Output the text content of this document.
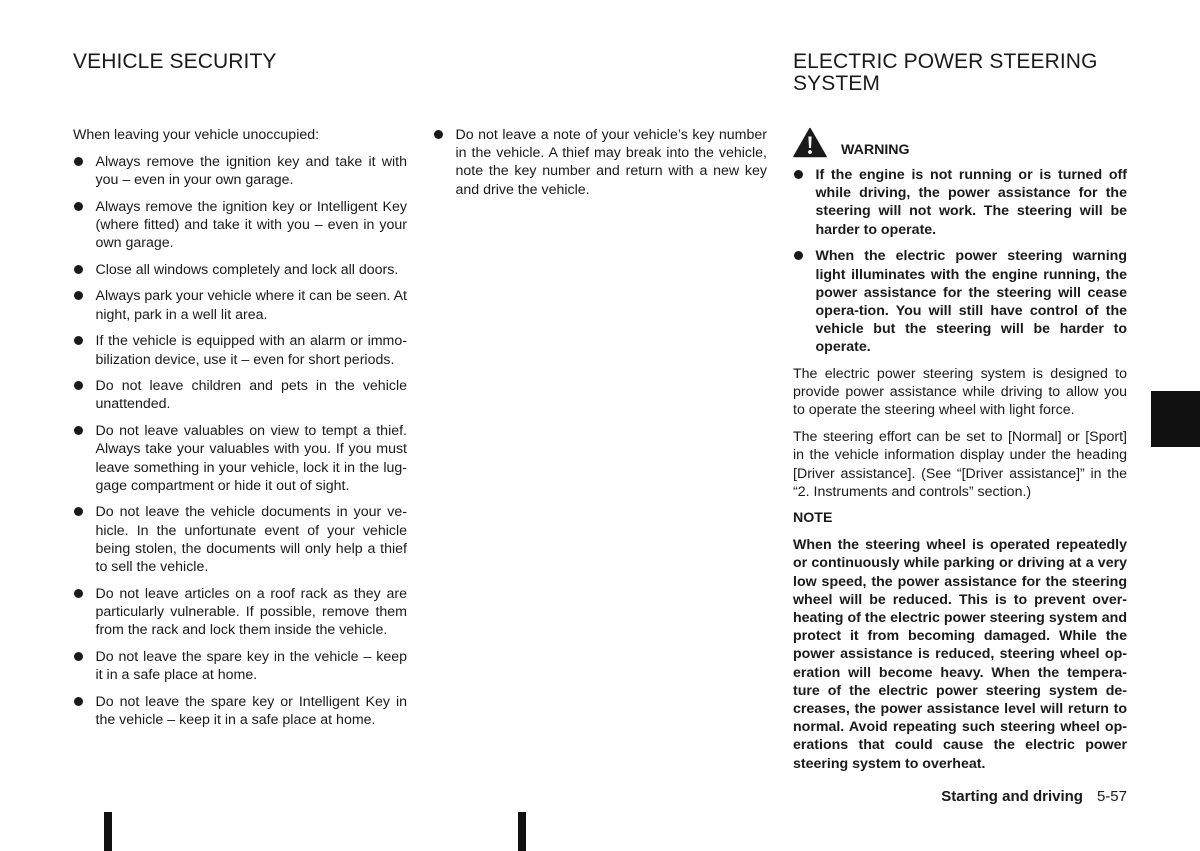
VEHICLE SECURITY	ELECTRIC POWER STEERING SYSTEM

When leaving your vehicle unoccupied:

Always remove the ignition key and take it with you – even in your own garage.
Always remove the ignition key or Intelligent Key (where fitted) and take it with you – even in your own garage.
Close all windows completely and lock all doors.
Always park your vehicle where it can be seen. At night, park in a well lit area.
If the vehicle is equipped with an alarm or immo-bilization device, use it – even for short periods.
Do not leave children and pets in the vehicle unattended.
Do not leave valuables on view to tempt a thief. Always take your valuables with you. If you must leave something in your vehicle, lock it in the lug-gage compartment or hide it out of sight.
Do not leave the vehicle documents in your ve-hicle. In the unfortunate event of your vehicle being stolen, the documents will only help a thief to sell the vehicle.
Do not leave articles on a roof rack as they are particularly vulnerable. If possible, remove them from the rack and lock them inside the vehicle.
Do not leave the spare key in the vehicle – keep it in a safe place at home.
Do not leave the spare key or Intelligent Key in the vehicle – keep it in a safe place at home.
Do not leave a note of your vehicle’s key number in the vehicle. A thief may break into the vehicle, note the key number and return with a new key and drive the vehicle.
WARNING
If the engine is not running or is turned off while driving, the power assistance for the steering will not work. The steering will be harder to operate.
When the electric power steering warning light illuminates with the engine running, the power assistance for the steering will cease opera-tion. You will still have control of the vehicle but the steering will be harder to operate.

The electric power steering system is designed to provide power assistance while driving to allow you to operate the steering wheel with light force.

The steering effort can be set to [Normal] or [Sport] in the vehicle information display under the heading [Driver assistance]. (See “[Driver assistance]” in the “2. Instruments and controls” section.)

NOTE

When the steering wheel is operated repeatedly or continuously while parking or driving at a very low speed, the power assistance for the steering wheel will be reduced. This is to prevent over-heating of the electric power steering system and protect it from becoming damaged. While the power assistance is reduced, steering wheel op-eration will become heavy. When the tempera-ture of the electric power steering system de-creases, the power assistance level will return to normal. Avoid repeating such steering wheel op-erations that could cause the electric power steering system to overheat.

Starting and driving 5-57
